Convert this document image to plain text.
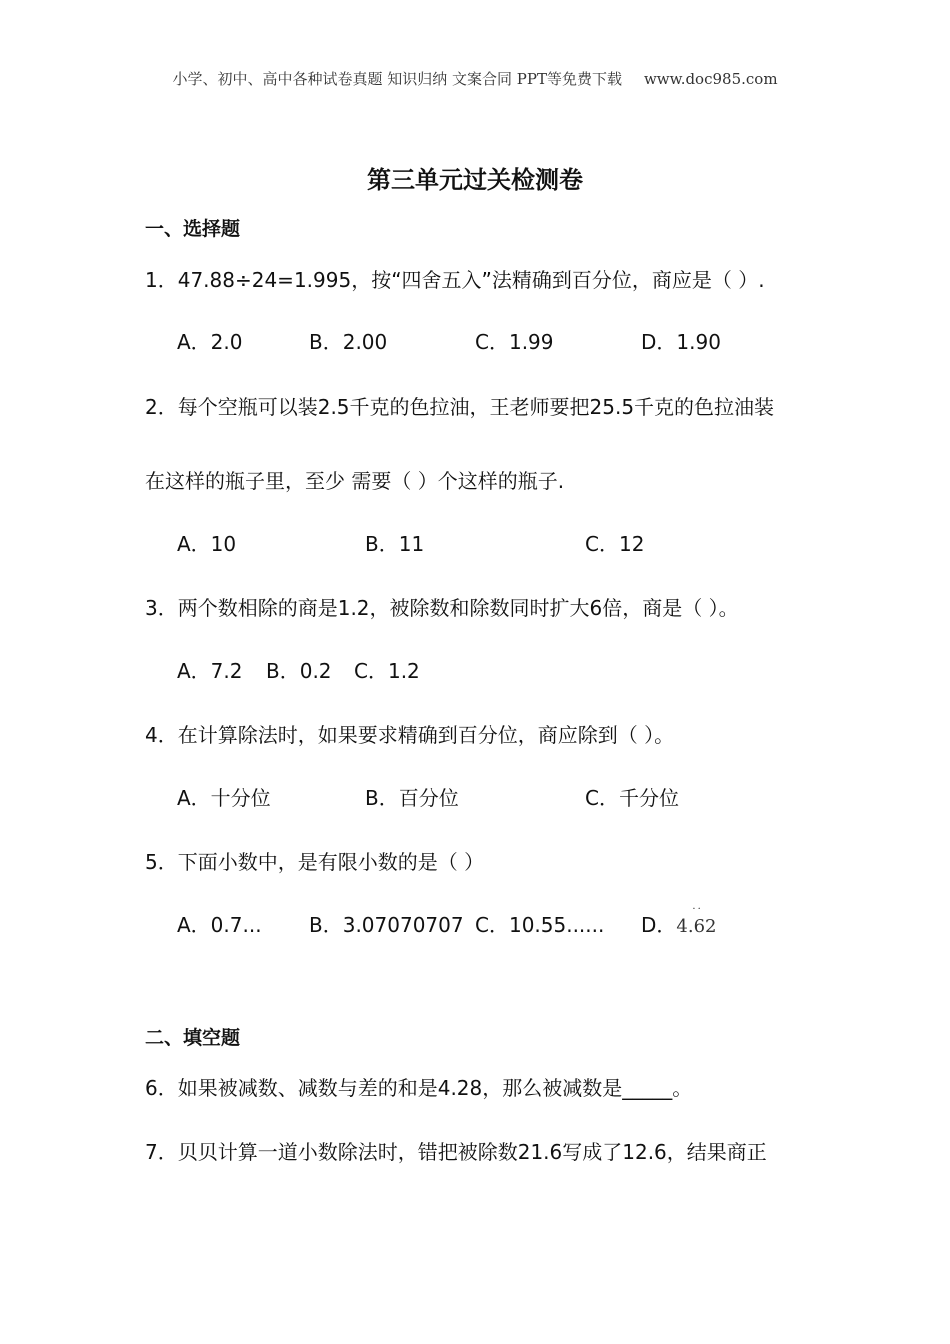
小学、初中、高中各种试卷真题 知识归纳 文案合同 PPT等免费下载 www.doc985.com
第三单元过关检测卷
一、选择题
1．47.88÷24=1.995，按“四舍五入”法精确到百分位，商应是（ ）.
A．2.0	B．2.00	C．1.99	D．1.90
2．每个空瓶可以装2.5千克的色拉油，王老师要把25.5千克的色拉油装
在这样的瓶子里，至少 需要（ ）个这样的瓶子.
A．10	B．11	C．12
3．两个数相除的商是1.2，被除数和除数同时扩大6倍，商是（ ）。
A．7.2 B．0.2 C．1.2
4．在计算除法时，如果要求精确到百分位，商应除到（ ）。
A．十分位	B．百分位	C．千分位
5．下面小数中，是有限小数的是（ ）
A．0.7... B．3.07070707 C．10.55...... D．
··
4.62
二、填空题
6．如果被减数、减数与差的和是4.28，那么被减数是_____。
7．贝贝计算一道小数除法时，错把被除数21.6写成了12.6，结果商正
